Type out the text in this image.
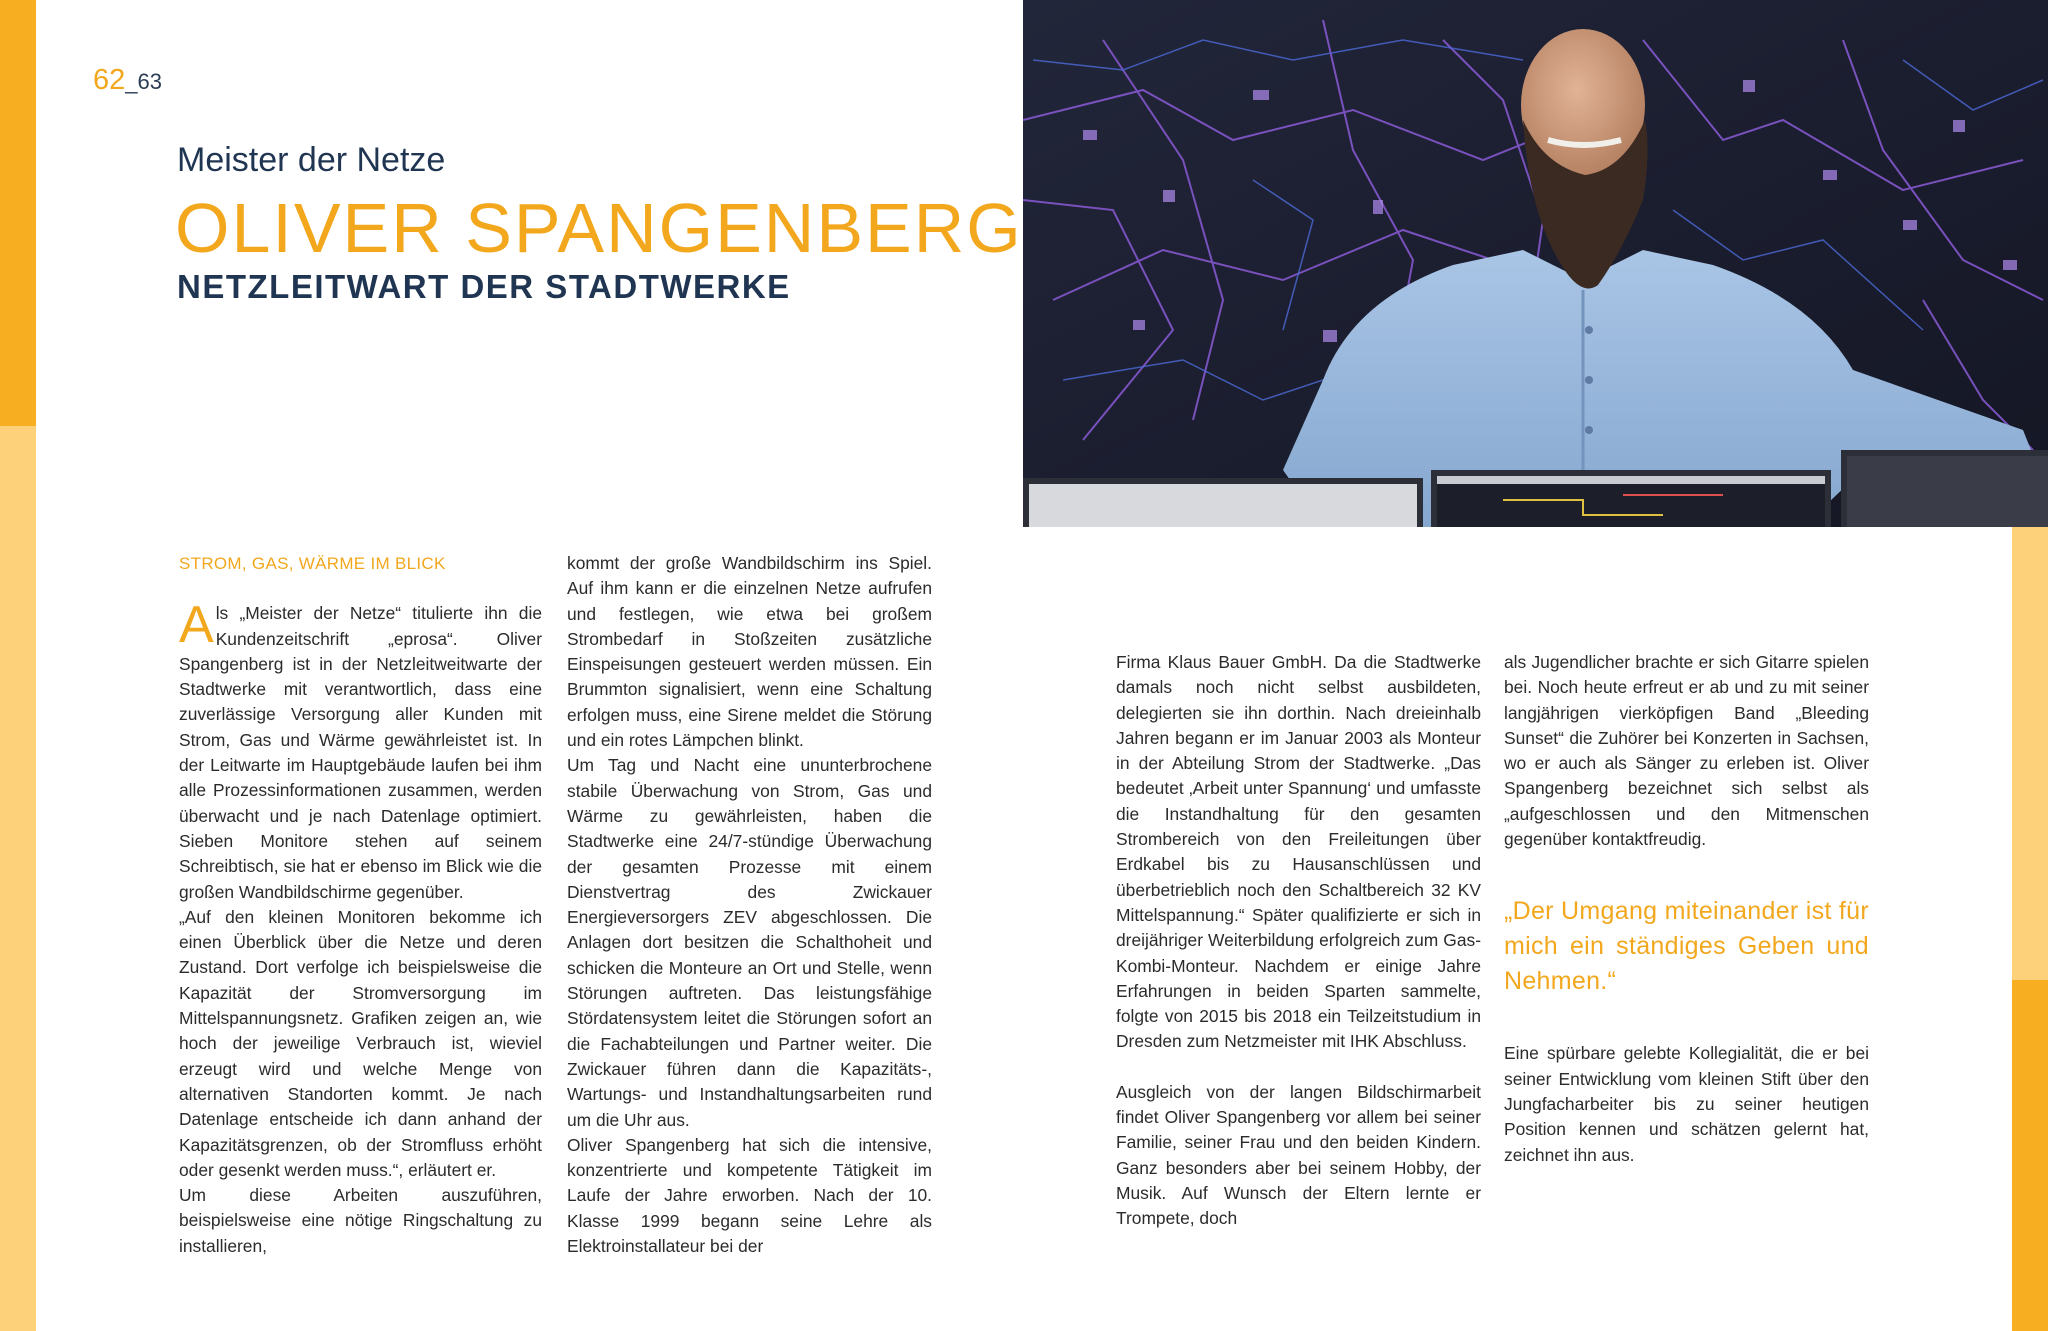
62_63
Meister der Netze
OLIVER SPANGENBERG
NETZLEITWART DER STADTWERKE
STROM, GAS, WÄRME IM BLICK

Als „Meister der Netze“ titulierte ihn die Kundenzeitschrift „eprosa“. Oliver Spangenberg ist in der Netzleitweitwarte der Stadtwerke mit verantwortlich, dass eine zuverlässige Versorgung aller Kunden mit Strom, Gas und Wärme gewährleistet ist. In der Leitwarte im Hauptgebäude laufen bei ihm alle Prozessinformationen zusammen, werden überwacht und je nach Datenlage optimiert. Sieben Monitore stehen auf seinem Schreibtisch, sie hat er ebenso im Blick wie die großen Wandbildschirme gegenüber.

„Auf den kleinen Monitoren bekomme ich einen Überblick über die Netze und deren Zustand. Dort verfolge ich beispielsweise die Kapazität der Stromversorgung im Mittelspannungsnetz. Grafiken zeigen an, wie hoch der jeweilige Verbrauch ist, wieviel erzeugt wird und welche Menge von alternativen Standorten kommt. Je nach Datenlage entscheide ich dann anhand der Kapazitätsgrenzen, ob der Stromfluss erhöht oder gesenkt werden muss.“, erläutert er.

Um diese Arbeiten auszuführen, beispielsweise eine nötige Ringschaltung zu installieren,

kommt der große Wandbildschirm ins Spiel. Auf ihm kann er die einzelnen Netze aufrufen und festlegen, wie etwa bei großem Strombedarf in Stoßzeiten zusätzliche Einspeisungen gesteuert werden müssen. Ein Brummton signalisiert, wenn eine Schaltung erfolgen muss, eine Sirene meldet die Störung und ein rotes Lämpchen blinkt.

Um Tag und Nacht eine ununterbrochene stabile Überwachung von Strom, Gas und Wärme zu gewährleisten, haben die Stadtwerke eine 24/7-stündige Überwachung der gesamten Prozesse mit einem Dienstvertrag des Zwickauer Energieversorgers ZEV abgeschlossen. Die Anlagen dort besitzen die Schalthoheit und schicken die Monteure an Ort und Stelle, wenn Störungen auftreten. Das leistungsfähige Stördatensystem leitet die Störungen sofort an die Fachabteilungen und Partner weiter. Die Zwickauer führen dann die Kapazitäts-, Wartungs- und Instandhaltungsarbeiten rund um die Uhr aus.

Oliver Spangenberg hat sich die intensive, konzentrierte und kompetente Tätigkeit im Laufe der Jahre erworben. Nach der 10. Klasse 1999 begann seine Lehre als Elektroinstallateur bei der

Firma Klaus Bauer GmbH. Da die Stadtwerke damals noch nicht selbst ausbildeten, delegierten sie ihn dorthin. Nach dreieinhalb Jahren begann er im Januar 2003 als Monteur in der Abteilung Strom der Stadtwerke. „Das bedeutet ‚Arbeit unter Spannung‘ und umfasste die Instandhaltung für den gesamten Strombereich von den Freileitungen über Erdkabel bis zu Hausanschlüssen und überbetrieblich noch den Schaltbereich 32 KV Mittelspannung.“ Später qualifizierte er sich in dreijähriger Weiterbildung erfolgreich zum Gas-Kombi-Monteur. Nachdem er einige Jahre Erfahrungen in beiden Sparten sammelte, folgte von 2015 bis 2018 ein Teilzeitstudium in Dresden zum Netzmeister mit IHK Abschluss.

Ausgleich von der langen Bildschirmarbeit findet Oliver Spangenberg vor allem bei seiner Familie, seiner Frau und den beiden Kindern. Ganz besonders aber bei seinem Hobby, der Musik. Auf Wunsch der Eltern lernte er Trompete, doch

als Jugendlicher brachte er sich Gitarre spielen bei. Noch heute erfreut er ab und zu mit seiner langjährigen vierköpfigen Band „Bleeding Sunset“ die Zuhörer bei Konzerten in Sachsen, wo er auch als Sänger zu erleben ist. Oliver Spangenberg bezeichnet sich selbst als „aufgeschlossen und den Mitmenschen gegenüber kontaktfreudig.

„Der Umgang miteinander ist für mich ein ständiges Geben und Nehmen.“

Eine spürbare gelebte Kollegialität, die er bei seiner Entwicklung vom kleinen Stift über den Jungfacharbeiter bis zu seiner heutigen Position kennen und schätzen gelernt hat, zeichnet ihn aus.
